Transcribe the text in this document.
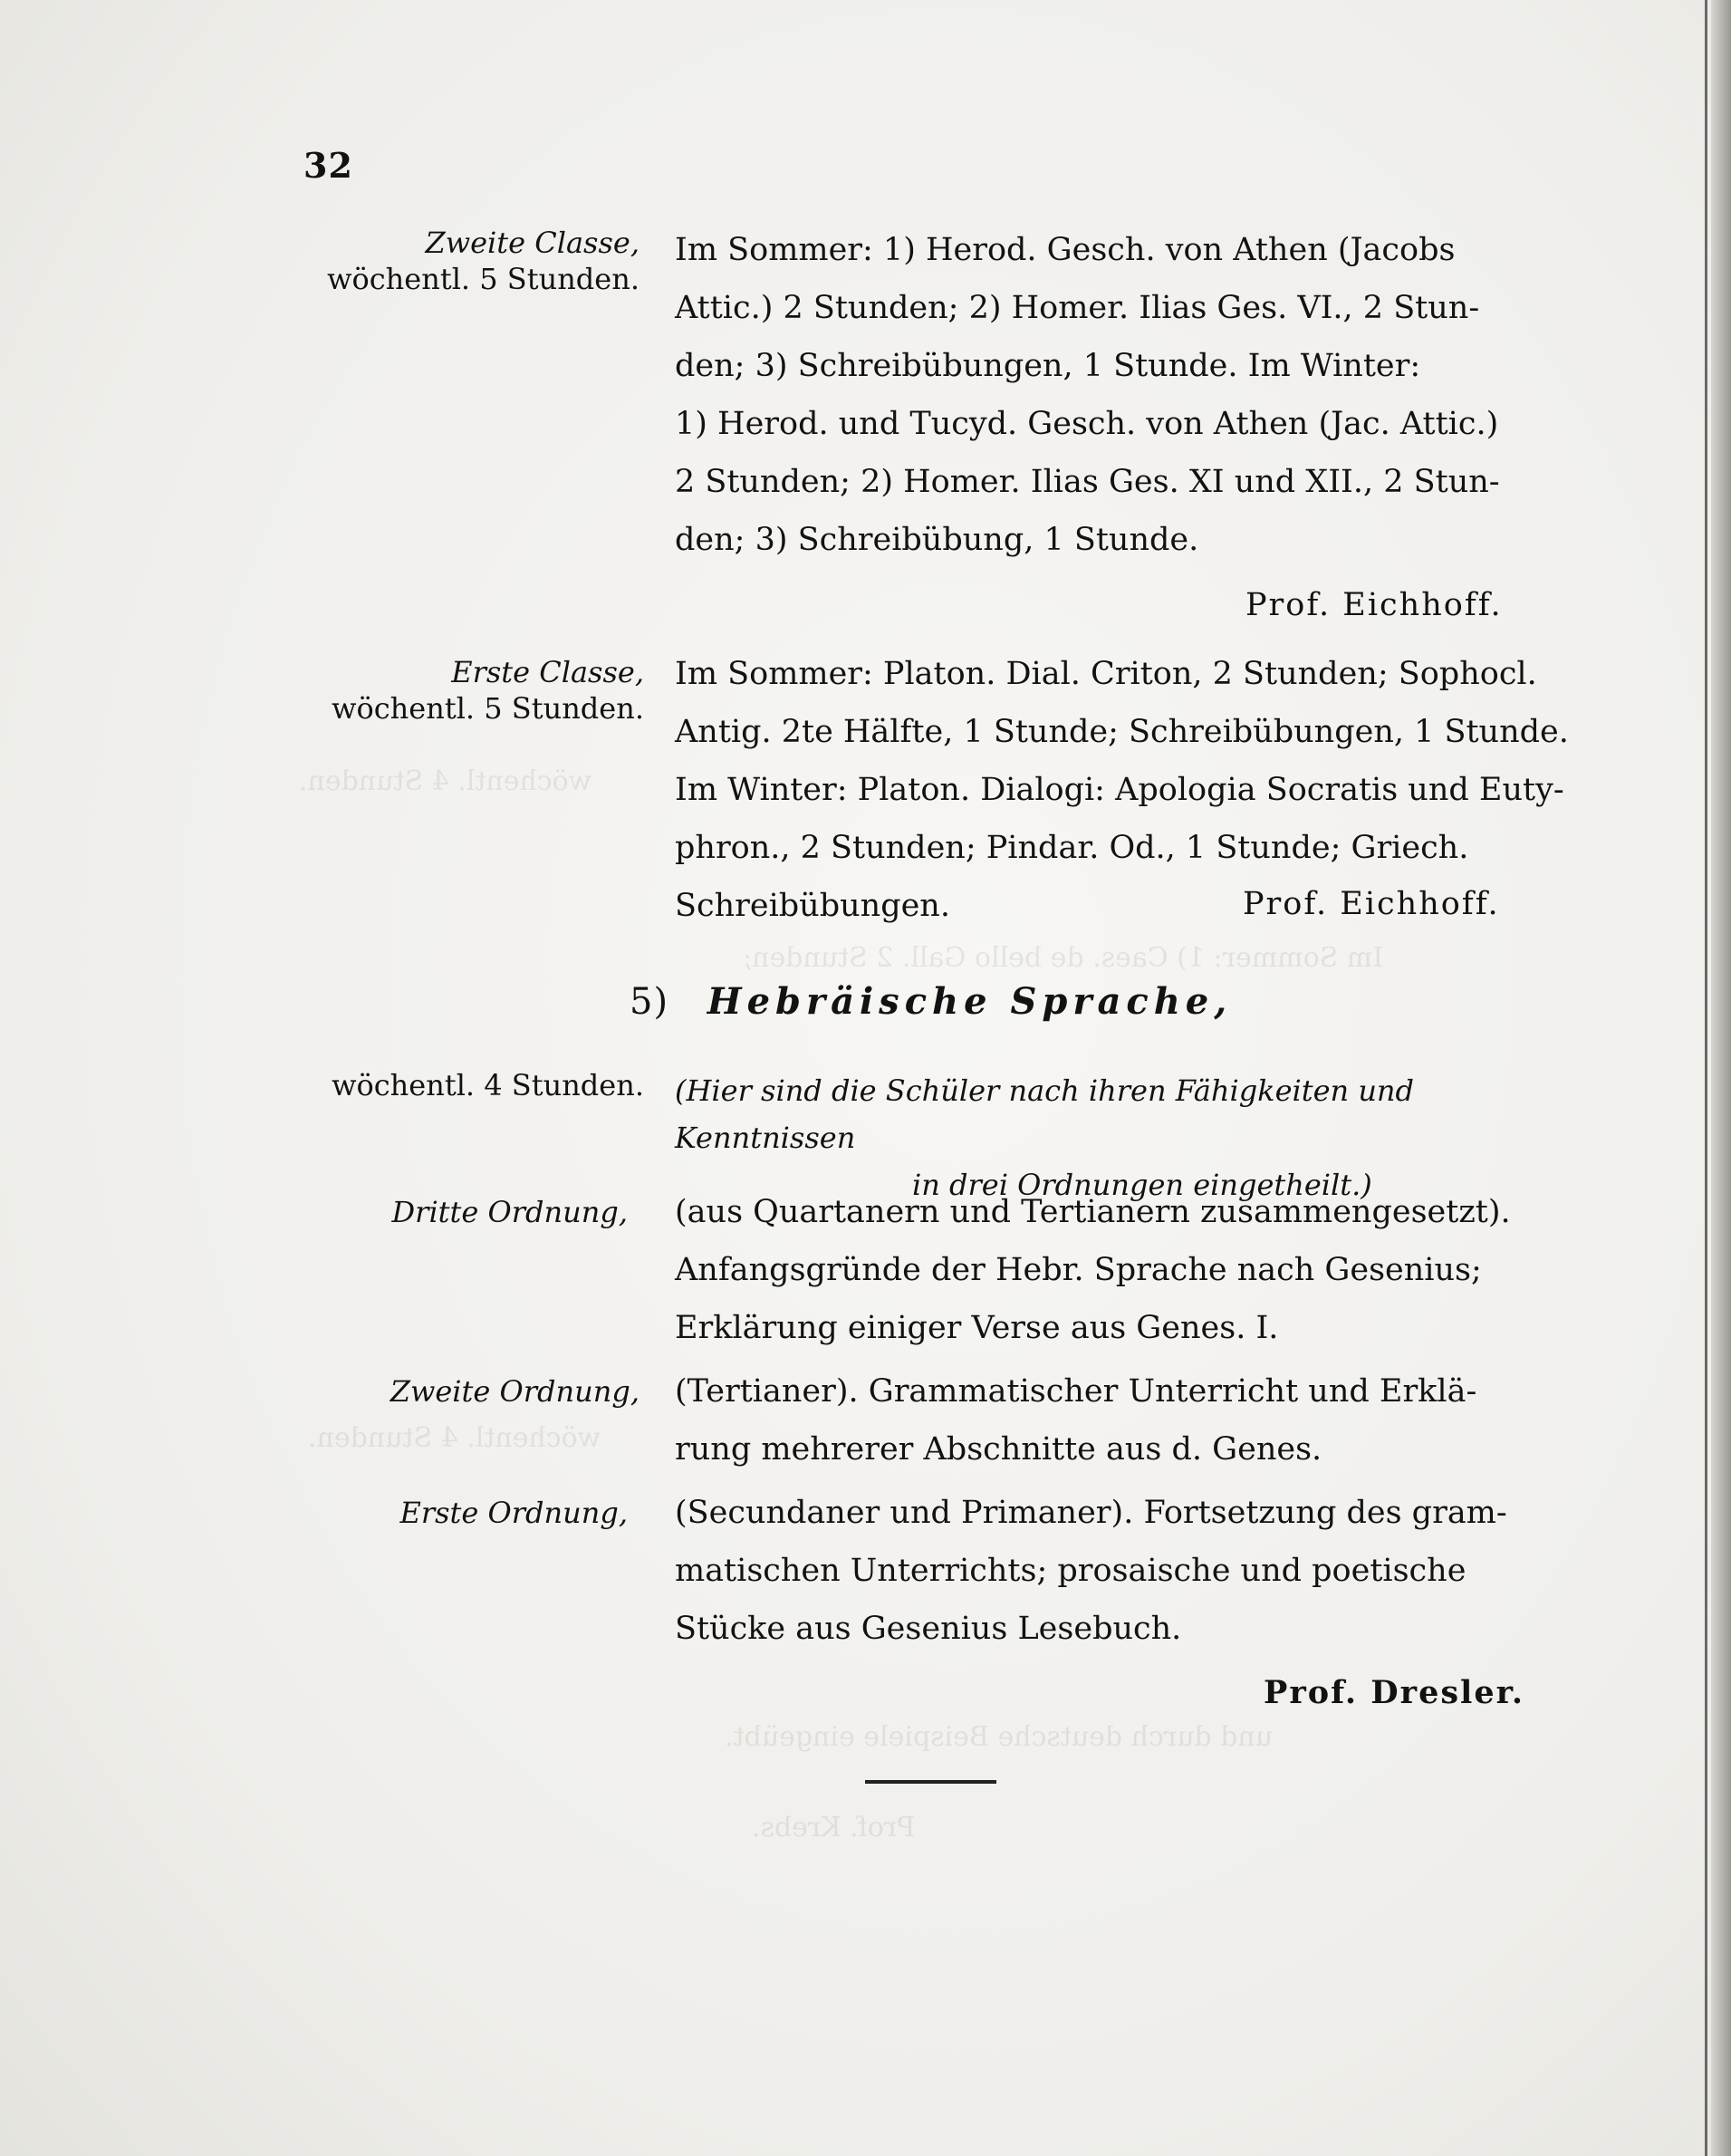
wöchentl. 4 Stunden.
Im Sommer: 1) Caes. de bello Gall. 2 Stunden;
wöchentl. 4 Stunden.
und durch deutsche Beispiele eingeübt.
Prof. Krebs.
32
Zweite Classe,
wöchentl. 5 Stunden.
Im Sommer: 1) Herod. Gesch. von Athen (Jacobs
Attic.) 2 Stunden; 2) Homer. Ilias Ges. VI., 2 Stun-
den; 3) Schreibübungen, 1 Stunde. Im Winter:
1) Herod. und Tucyd. Gesch. von Athen (Jac. Attic.)
2 Stunden; 2) Homer. Ilias Ges. XI und XII., 2 Stun-
den; 3) Schreibübung, 1 Stunde.
Prof. Eichhoff.
Erste Classe,
wöchentl. 5 Stunden.
Im Sommer: Platon. Dial. Criton, 2 Stunden; Sophocl.
Antig. 2te Hälfte, 1 Stunde; Schreibübungen, 1 Stunde.
Im Winter: Platon. Dialogi: Apologia Socratis und Euty-
phron., 2 Stunden; Pindar. Od., 1 Stunde; Griech.
Schreibübungen.	Prof. Eichhoff.
5) Hebräische Sprache,
wöchentl. 4 Stunden. (Hier sind die Schüler nach ihren Fähigkeiten und Kenntnissen
in drei Ordnungen eingetheilt.)
Dritte Ordnung, (aus Quartanern und Tertianern zusammengesetzt).
Anfangsgründe der Hebr. Sprache nach Gesenius;
Erklärung einiger Verse aus Genes. I.
Zweite Ordnung, (Tertianer). Grammatischer Unterricht und Erklä-
rung mehrerer Abschnitte aus d. Genes.
Erste Ordnung, (Secundaner und Primaner). Fortsetzung des gram-
matischen Unterrichts; prosaische und poetische
Stücke aus Gesenius Lesebuch.
Prof. Dresler.
